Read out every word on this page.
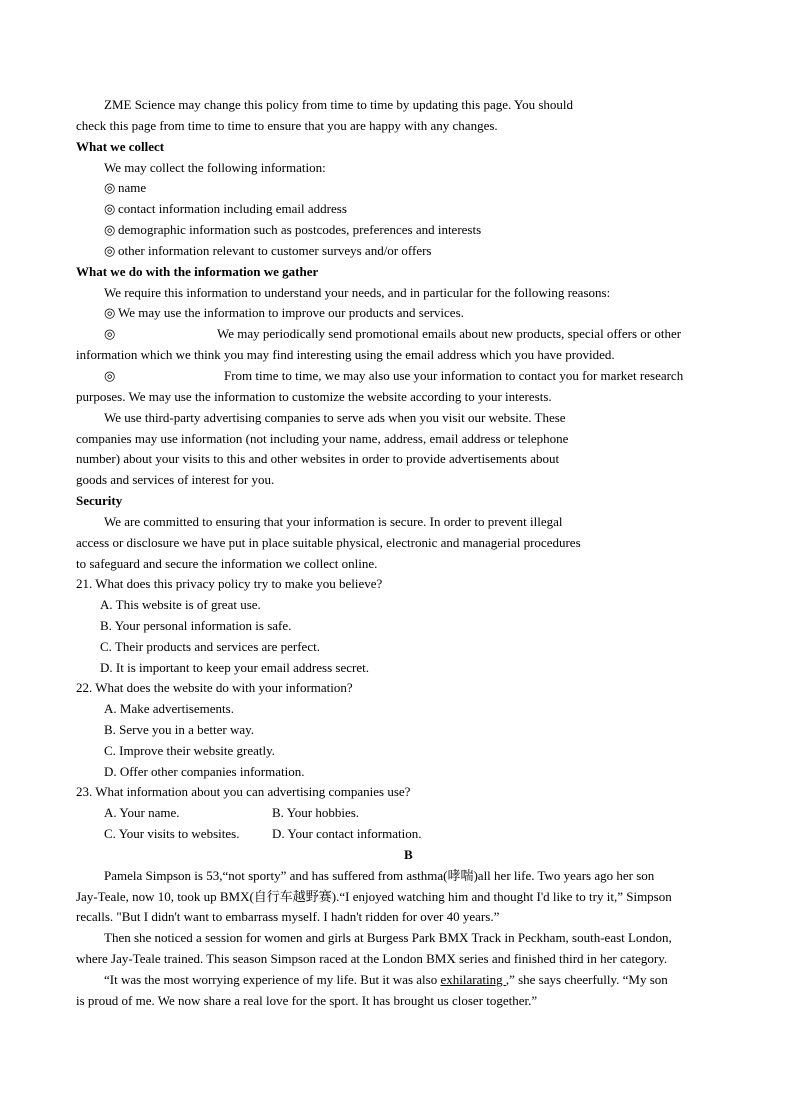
ZME Science may change this policy from time to time by updating this page. You should
check this page from time to time to ensure that you are happy with any changes.
What we collect
We may collect the following information:
◎ name
◎ contact information including email address
◎ demographic information such as postcodes, preferences and interests
◎ other information relevant to customer surveys and/or offers
What we do with the information we gather
We require this information to understand your needs, and in particular for the following reasons:
◎ We may use the information to improve our products and services.
◎	We may periodically send promotional emails about new products, special offers or other
information which we think you may find interesting using the email address which you have provided.
◎	From time to time, we may also use your information to contact you for market research
purposes. We may use the information to customize the website according to your interests.
We use third-party advertising companies to serve ads when you visit our website. These
companies may use information (not including your name, address, email address or telephone
number) about your visits to this and other websites in order to provide advertisements about
goods and services of interest for you.
Security
We are committed to ensuring that your information is secure. In order to prevent illegal
access or disclosure we have put in place suitable physical, electronic and managerial procedures
to safeguard and secure the information we collect online.
21. What does this privacy policy try to make you believe?
A. This website is of great use.
B. Your personal information is safe.
C. Their products and services are perfect.
D. It is important to keep your email address secret.
22. What does the website do with your information?
A. Make advertisements.
B. Serve you in a better way.
C. Improve their website greatly.
D. Offer other companies information.
23. What information about you can advertising companies use?
A. Your name.	B. Your hobbies.
C. Your visits to websites.	D. Your contact information.
B
Pamela Simpson is 53,“not sporty” and has suffered from asthma(哮喘)all her life. Two years ago her son
Jay-Teale, now 10, took up BMX(自行车越野赛).“I enjoyed watching him and thought I'd like to try it,” Simpson
recalls. "But I didn't want to embarrass myself. I hadn't ridden for over 40 years.”
Then she noticed a session for women and girls at Burgess Park BMX Track in Peckham, south-east London,
where Jay-Teale trained. This season Simpson raced at the London BMX series and finished third in her category.
“It was the most worrying experience of my life. But it was also exhilarating ,” she says cheerfully. “My son
is proud of me. We now share a real love for the sport. It has brought us closer together.”
